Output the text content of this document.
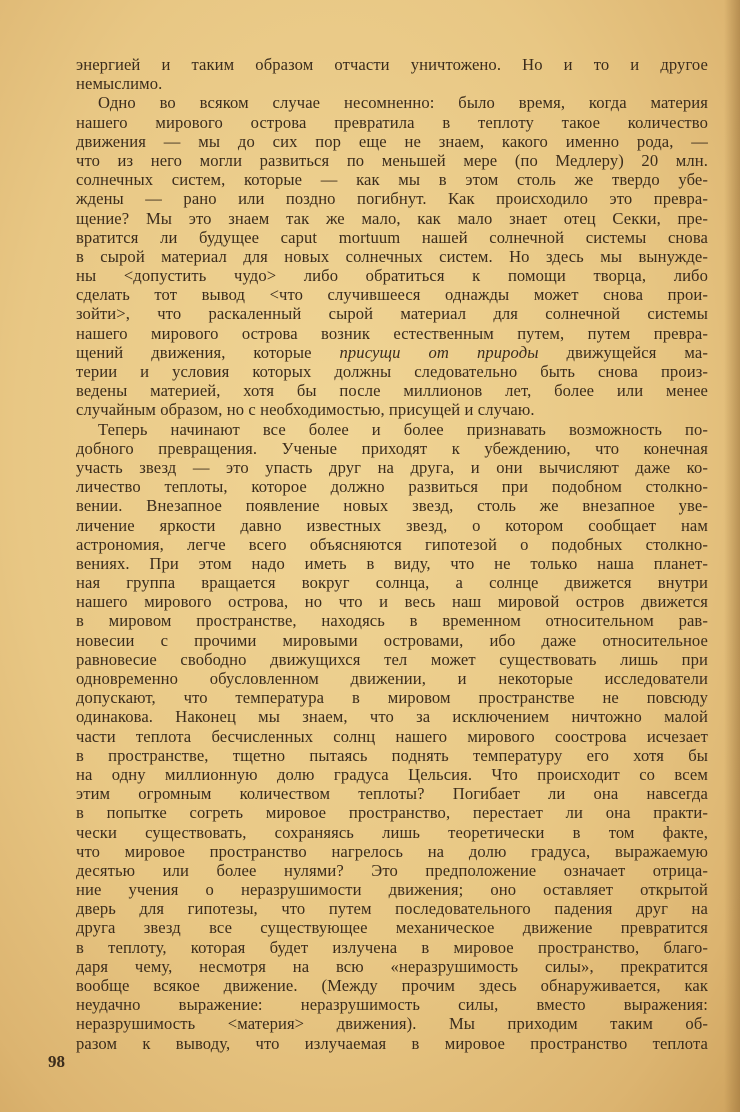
энергией и таким образом отчасти уничтожено. Но и то и другое
немыслимо.
Одно во всяком случае несомненно: было время, когда материя
нашего мирового острова превратила в теплоту такое количество
движения — мы до сих пор еще не знаем, какого именно рода, —
что из него могли развиться по меньшей мере (по Медлеру) 20 млн.
солнечных систем, которые — как мы в этом столь же твердо убе-
ждены — рано или поздно погибнут. Как происходило это превра-
щение? Мы это знаем так же мало, как мало знает отец Секки, пре-
вратится ли будущее caput mortuum нашей солнечной системы снова
в сырой материал для новых солнечных систем. Но здесь мы вынужде-
ны <допустить чудо> либо обратиться к помощи творца, либо
сделать тот вывод <что случившееся однажды может снова прои-
зойти>, что раскаленный сырой материал для солнечной системы
нашего мирового острова возник естественным путем, путем превра-
щений движения, которые присущи от природы движущейся ма-
терии и условия которых должны следовательно быть снова произ-
ведены материей, хотя бы после миллионов лет, более или менее
случайным образом, но с необходимостью, присущей и случаю.
Теперь начинают все более и более признавать возможность по-
добного превращения. Ученые приходят к убеждению, что конечная
участь звезд — это упасть друг на друга, и они вычисляют даже ко-
личество теплоты, которое должно развиться при подобном столкно-
вении. Внезапное появление новых звезд, столь же внезапное уве-
личение яркости давно известных звезд, о котором сообщает нам
астрономия, легче всего объясняются гипотезой о подобных столкно-
вениях. При этом надо иметь в виду, что не только наша планет-
ная группа вращается вокруг солнца, а солнце движется внутри
нашего мирового острова, но что и весь наш мировой остров движется
в мировом пространстве, находясь в временном относительном рав-
новесии с прочими мировыми островами, ибо даже относительное
равновесие свободно движущихся тел может существовать лишь при
одновременно обусловленном движении, и некоторые исследователи
допускают, что температура в мировом пространстве не повсюду
одинакова. Наконец мы знаем, что за исключением ничтожно малой
части теплота бесчисленных солнц нашего мирового соострова исчезает
в пространстве, тщетно пытаясь поднять температуру его хотя бы
на одну миллионную долю градуса Цельсия. Что происходит со всем
этим огромным количеством теплоты? Погибает ли она навсегда
в попытке согреть мировое пространство, перестает ли она практи-
чески существовать, сохраняясь лишь теоретически в том факте,
что мировое пространство нагрелось на долю градуса, выражаемую
десятью или более нулями? Это предположение означает отрица-
ние учения о неразрушимости движения; оно оставляет открытой
дверь для гипотезы, что путем последовательного падения друг на
друга звезд все существующее механическое движение превратится
в теплоту, которая будет излучена в мировое пространство, благо-
даря чему, несмотря на всю «неразрушимость силы», прекратится
вообще всякое движение. (Между прочим здесь обнаруживается, как
неудачно выражение: неразрушимость силы, вместо выражения:
неразрушимость <материя> движения). Мы приходим таким об-
разом к выводу, что излучаемая в мировое пространство теплота
98
